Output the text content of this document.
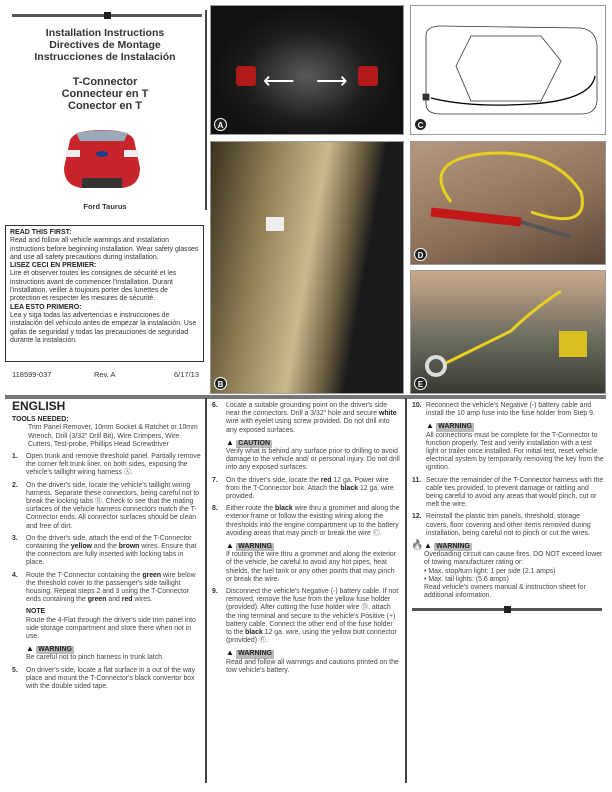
Installation Instructions
Directives de Montage
Instrucciones de Instalación
T-Connector
Connecteur en T
Conector en T
Ford Taurus
READ THIS FIRST:

Read and follow all vehicle warnings and installation instructions before beginning installation. Wear safety glasses and use all safety precautions during installation.

LISEZ CECI EN PREMIER:

Lire et observer toutes les consignes de sécurité et les instructions avant de commencer l'installation. Durant l'installation, veiller à toujours porter des lunettes de protection et respecter les mesures de sécurité.

LEA ESTO PRIMERO:

Lea y siga todas las advertencias e instrucciones de instalación del vehículo antes de empezar la instalación. Use gafas de seguridad y todas las precauciones de seguridad durante la instalación.

118599-037	Rev. A	6/17/13
⟵ ⟶
A	C
B
D
E
ENGLISH
TOOLS NEEDED:
Trim Panel Remover, 10mm Socket & Ratchet or 10mm Wrench, Drill (3/32" Drill Bit), Wire Crimpers, Wire Cutters, Test-probe, Phillips Head Screwdriver
1.	Open trunk and remove threshold panel. Partially remove the corner felt trunk liner, on both sides, exposing the vehicle's taillight wiring harness Ⓐ.
2.	On the driver's side, locate the vehicle's taillight wiring harness. Separate these connectors, being careful not to break the locking tabs Ⓑ. Check to see that the mating surfaces of the vehicle harness connectors match the T-Connector ends. All connector surfaces should be clean and free of dirt.
3.	On the driver's side, attach the end of the T-Connector containing the yellow and the brown wires. Ensure that the connectors are fully inserted with locking tabs in place.
4.	Route the T-Connector containing the green wire below the threshold cover to the passenger's side taillight housing. Repeat steps 2 and 3 using the T-Connector ends containing the green and red wires.
NOTE
Route the 4-Flat through the driver's side trim panel into side storage compartment and store there when not in use.
▲ WARNING
Be careful not to pinch harness in trunk latch.
5.	On driver's side, locate a flat surface in a out of the way place and mount the T-Connector's black convertor box with the double sided tape.
6.	Locate a suitable grounding point on the driver's side near the connectors. Drill a 3/32" hole and secure white wire with eyelet using screw provided. Do not drill into any exposed surfaces.
▲ CAUTION
Verify what is behind any surface prior to drilling to avoid damage to the vehicle and/ or personal injury. Do not drill into any exposed surfaces.
7.	On the driver's side, locate the red 12 ga. Power wire from the T-Connector box. Attach the black 12 ga. wire provided.
8.	Either route the black wire thru a grommet and along the exterior frame or follow the existing wiring along the thresholds into the engine compartment up to the battery avoiding areas that may pinch or break the wire Ⓒ.
▲ WARNING
If routing the wire thru a grommet and along the exterior of the vehicle, be careful to avoid any hot pipes, heat shields, the fuel tank or any other points that may pinch or break the wire.
9.	Disconnect the vehicle's Negative (-) battery cable. If not removed, remove the fuse from the yellow fuse holder (provided). After cutting the fuse holder wire Ⓓ, attach the ring terminal and secure to the vehicle's Positive (+) battery cable. Connect the other end of the fuse holder to the black 12 ga. wire, using the yellow butt connector (provided) Ⓔ.
▲ WARNING
Read and follow all warnings and cautions printed on the tow vehicle's battery.
10. Reconnect the vehicle's Negative (-) battery cable and install the 10 amp fuse into the fuse holder from Step 9.
▲ WARNING
All connections must be complete for the T-Connector to function properly. Test and verify installation with a test light or trailer once installed. For initial test, reset vehicle electrical system by temporarily removing the key from the ignition.
11. Secure the remainder of the T-Connector harness with the cable ties provided, to prevent damage or rattling and being careful to avoid any areas that would pinch, cut or melt the wire.
12. Reinstall the plastic trim panels, threshold, storage covers, floor covering and other items removed during installation, being careful not to pinch or cut the wires.
🔥 ▲ WARNING
Overloading circuit can cause fires. DO NOT exceed lower of towing manufacturer rating or:
• Max. stop/turn light: 1 per side (2.1 amps)
• Max. tail lights: (5.6 amps)
Read vehicle's owners manual & instruction sheet for additional information.
